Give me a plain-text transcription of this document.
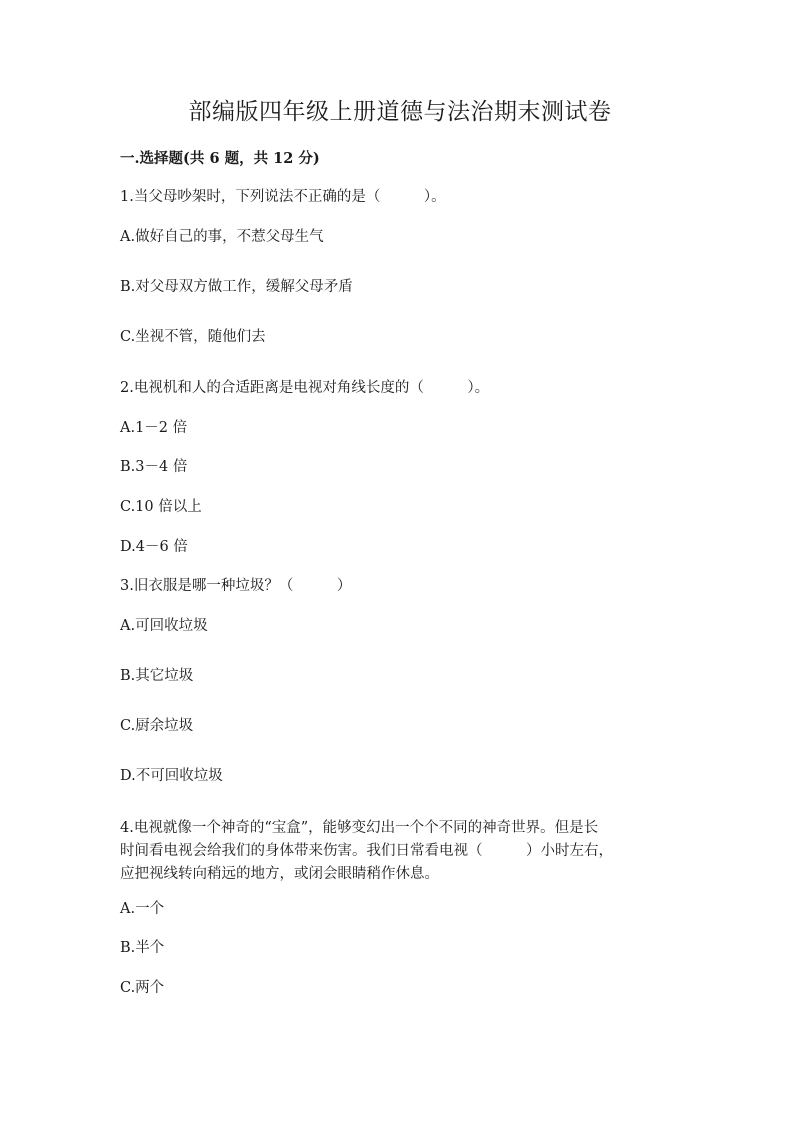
部编版四年级上册道德与法治期末测试卷
一.选择题(共 6 题，共 12 分)
1.当父母吵架时，下列说法不正确的是（　　　）。
A.做好自己的事，不惹父母生气
B.对父母双方做工作，缓解父母矛盾
C.坐视不管，随他们去
2.电视机和人的合适距离是电视对角线长度的（　　　）。
A.1－2 倍
B.3－4 倍
C.10 倍以上
D.4－6 倍
3.旧衣服是哪一种垃圾？（　　　）
A.可回收垃圾
B.其它垃圾
C.厨余垃圾
D.不可回收垃圾
4.电视就像一个神奇的“宝盒”，能够变幻出一个个不同的神奇世界。但是长
时间看电视会给我们的身体带来伤害。我们日常看电视（　　　）小时左右，
应把视线转向稍远的地方，或闭会眼睛稍作休息。
A.一个
B.半个
C.两个
